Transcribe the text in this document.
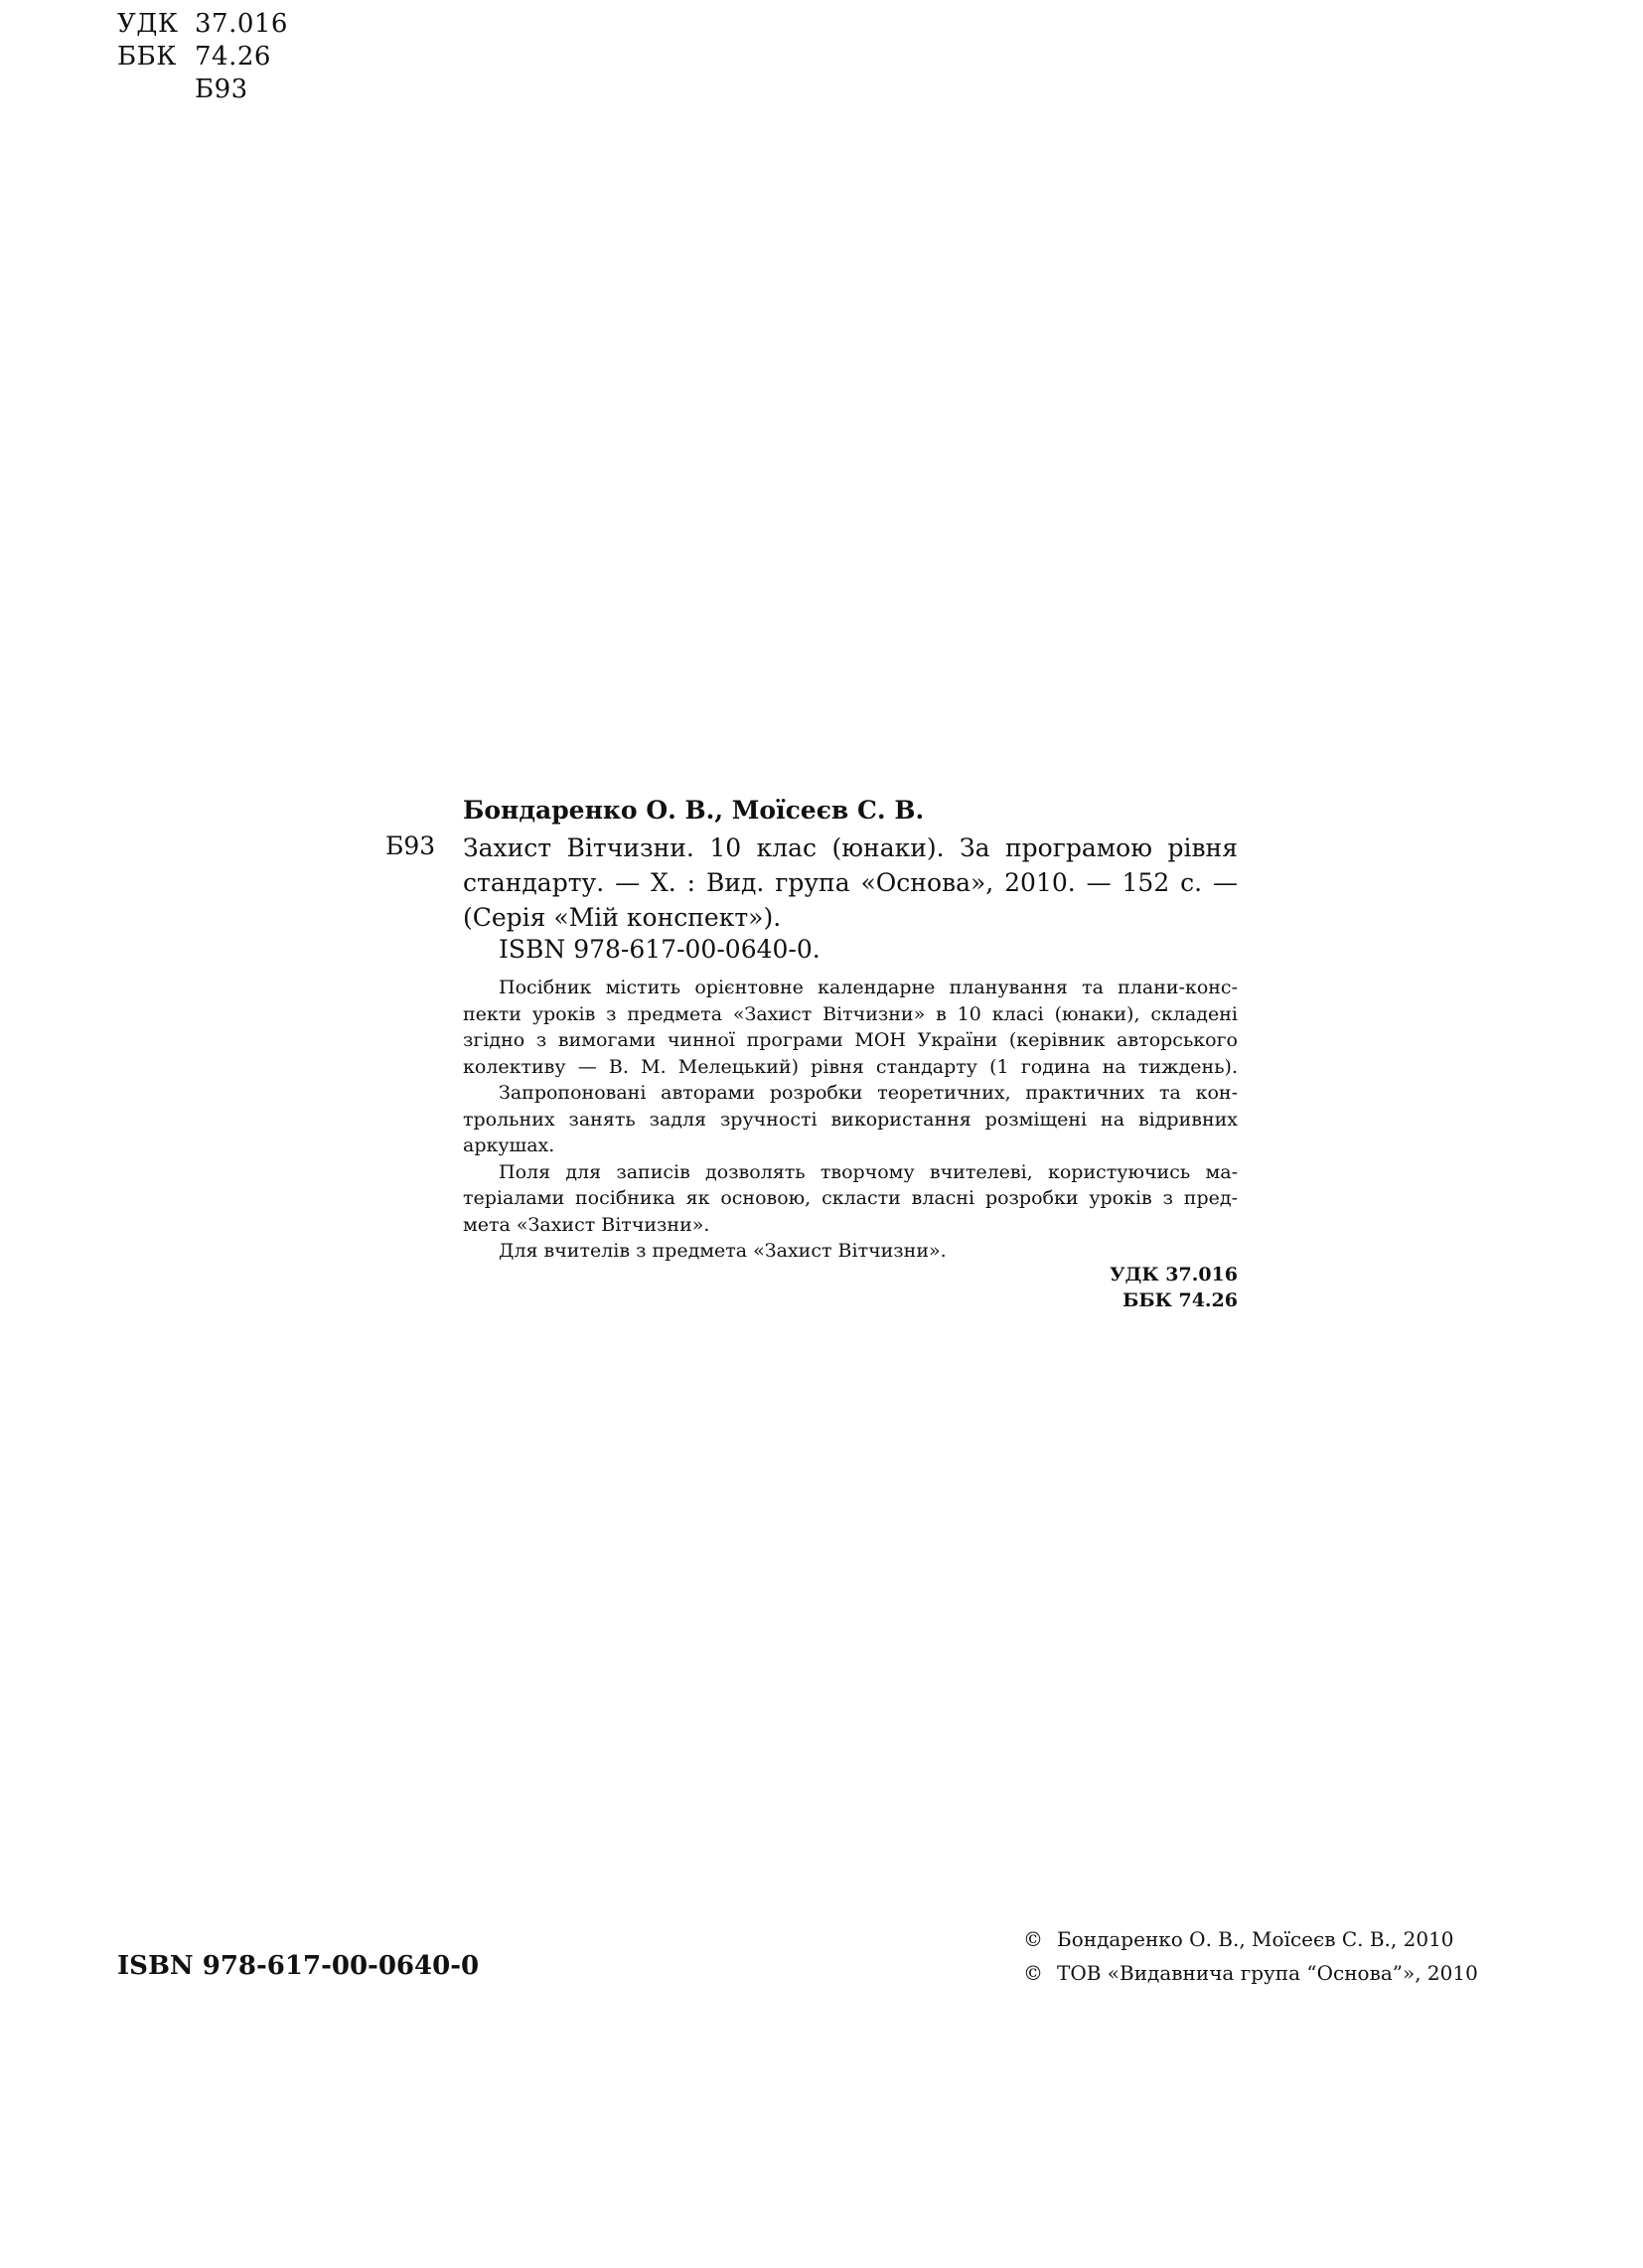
УДК 37.016
ББК 74.26
Б93
Бондаренко О. В., Моїсеєв С. В.
Б93 Захист Вітчизни. 10 клас (юнаки). За програмою рівня
стандарту. — Х. : Вид. група «Основа», 2010. — 152 с. —
(Серія «Мій конспект»).
ISBN 978-617-00-0640-0.
Посібник містить орієнтовне календарне планування та плани-конс-
пекти уроків з предмета «Захист Вітчизни» в 10 класі (юнаки), складені
згідно з вимогами чинної програми МОН України (керівник авторського
колективу — В. М. Мелецький) рівня стандарту (1 година на тиждень).
Запропоновані авторами розробки теоретичних, практичних та кон-
трольних занять задля зручності використання розміщені на відривних
аркушах.
Поля для записів дозволять творчому вчителеві, користуючись ма-
теріалами посібника як основою, скласти власні розробки уроків з пред-
мета «Захист Вітчизни».
Для вчителів з предмета «Захист Вітчизни».
УДК 37.016
ББК 74.26
ISBN 978-617-00-0640-0
© Бондаренко О. В., Моїсеєв С. В., 2010
© ТОВ «Видавнича група “Основа”», 2010
